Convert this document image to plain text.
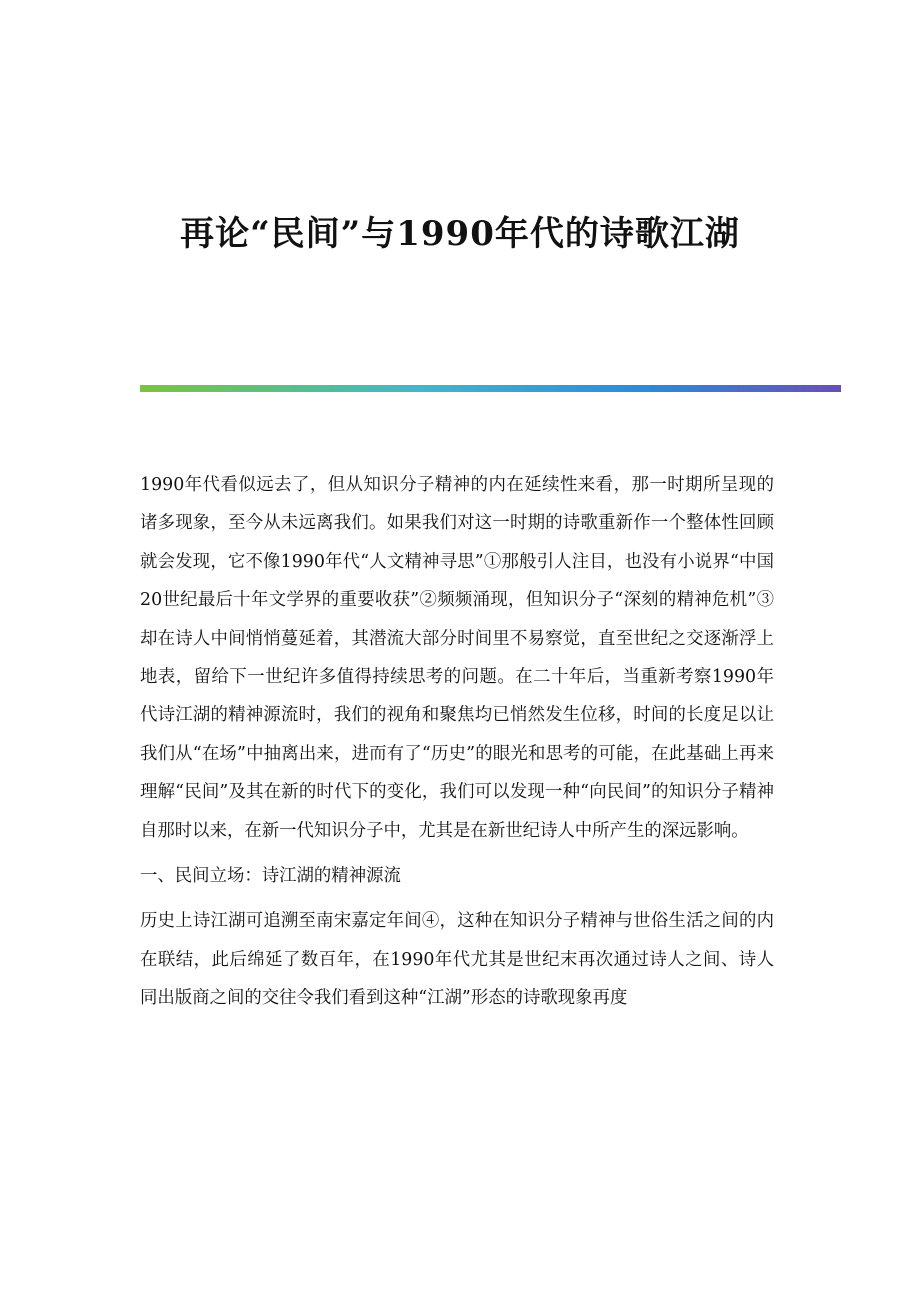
再论“民间”与1990年代的诗歌江湖

1990年代看似远去了，但从知识分子精神的内在延续性来看，那一时期所呈现的诸多现象，至今从未远离我们。如果我们对这一时期的诗歌重新作一个整体性回顾就会发现，它不像1990年代“人文精神寻思”①那般引人注目，也没有小说界“中国20世纪最后十年文学界的重要收获”②频频涌现，但知识分子“深刻的精神危机”③却在诗人中间悄悄蔓延着，其潜流大部分时间里不易察觉，直至世纪之交逐渐浮上地表，留给下一世纪许多值得持续思考的问题。在二十年后，当重新考察1990年代诗江湖的精神源流时，我们的视角和聚焦均已悄然发生位移，时间的长度足以让我们从“在场”中抽离出来，进而有了“历史”的眼光和思考的可能，在此基础上再来理解“民间”及其在新的时代下的变化，我们可以发现一种“向民间”的知识分子精神自那时以来，在新一代知识分子中，尤其是在新世纪诗人中所产生的深远影响。

一、民间立场：诗江湖的精神源流

历史上诗江湖可追溯至南宋嘉定年间④，这种在知识分子精神与世俗生活之间的内在联结，此后绵延了数百年，在1990年代尤其是世纪末再次通过诗人之间、诗人同出版商之间的交往令我们看到这种“江湖”形态的诗歌现象再度
